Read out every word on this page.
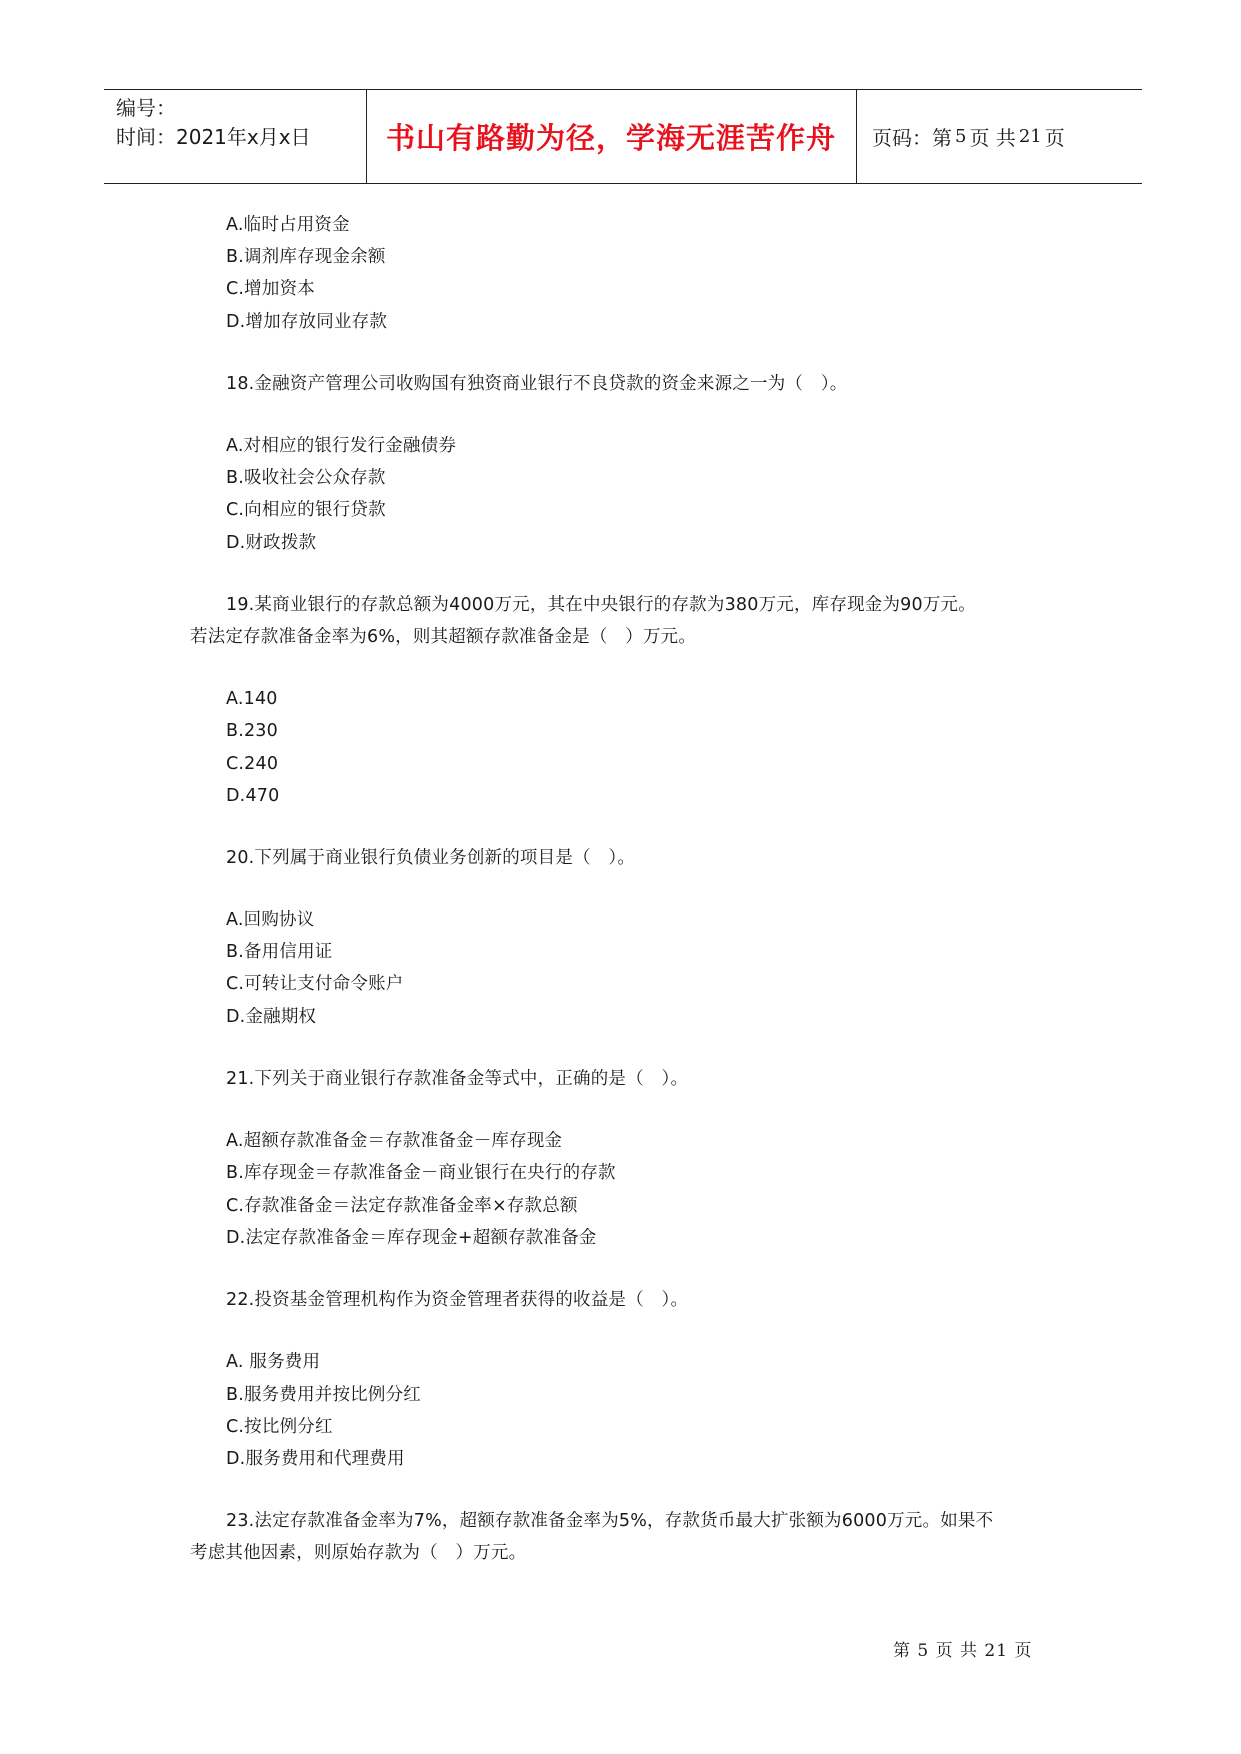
编号：
时间：2021年x月x日	书山有路勤为径，学海无涯苦作舟	页码：第 5 页 共 21 页
A.临时占用资金
B.调剂库存现金余额
C.增加资本
D.增加存放同业存款
18.金融资产管理公司收购国有独资商业银行不良贷款的资金来源之一为（　）。
A.对相应的银行发行金融债券
B.吸收社会公众存款
C.向相应的银行贷款
D.财政拨款
19.某商业银行的存款总额为4000万元，其在中央银行的存款为380万元，库存现金为90万元。
若法定存款准备金率为6%，则其超额存款准备金是（　）万元。
A.140
B.230
C.240
D.470
20.下列属于商业银行负债业务创新的项目是（　）。
A.回购协议
B.备用信用证
C.可转让支付命令账户
D.金融期权
21.下列关于商业银行存款准备金等式中，正确的是（　）。
A.超额存款准备金＝存款准备金－库存现金
B.库存现金＝存款准备金－商业银行在央行的存款
C.存款准备金＝法定存款准备金率×存款总额
D.法定存款准备金＝库存现金+超额存款准备金
22.投资基金管理机构作为资金管理者获得的收益是（　）。
A. 服务费用
B.服务费用并按比例分红
C.按比例分红
D.服务费用和代理费用
23.法定存款准备金率为7%，超额存款准备金率为5%，存款货币最大扩张额为6000万元。如果不
考虑其他因素，则原始存款为（　）万元。
第 5 页 共 21 页
